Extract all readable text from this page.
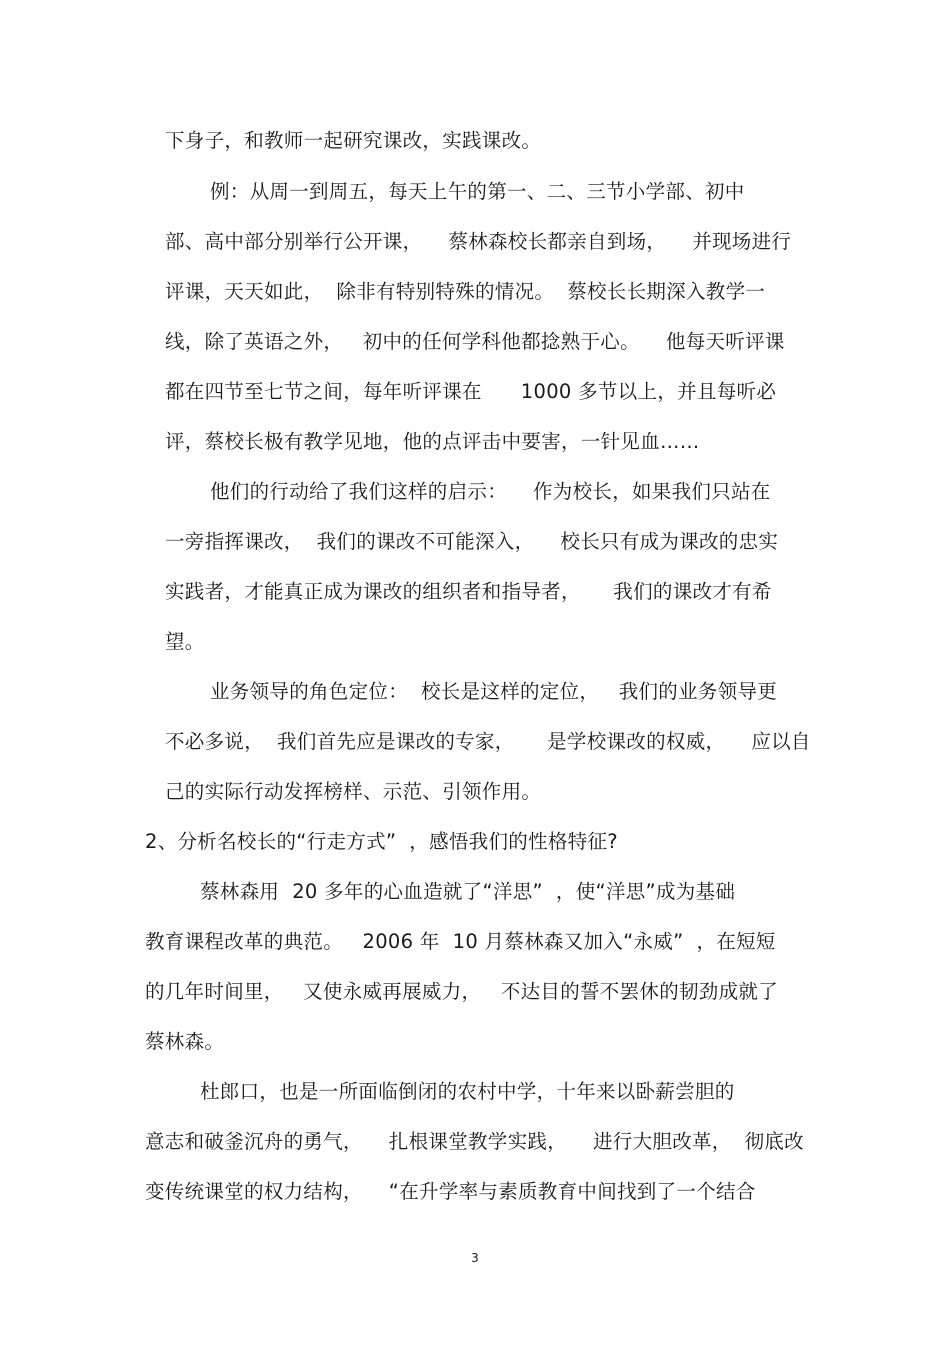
下身子，和教师一起研究课改，实践课改。
例：从周一到周五，每天上午的第一、二、三节小学部、初中
部、高中部分别举行公开课，    蔡林森校长都亲自到场，    并现场进行
评课，天天如此，  除非有特别特殊的情况。  蔡校长长期深入教学一
线，除了英语之外，   初中的任何学科他都捻熟于心。    他每天听评课
都在四节至七节之间，每年听评课在      1000 多节以上，并且每听必
评，蔡校长极有教学见地，他的点评击中要害，一针见血……
他们的行动给了我们这样的启示：    作为校长，如果我们只站在
一旁指挥课改，  我们的课改不可能深入，    校长只有成为课改的忠实
实践者，才能真正成为课改的组织者和指导者，     我们的课改才有希
望。
业务领导的角色定位：  校长是这样的定位，   我们的业务领导更
不必多说，  我们首先应是课改的专家，     是学校课改的权威，    应以自
己的实际行动发挥榜样、示范、引领作用。
2、分析名校长的“行走方式”  ，感悟我们的性格特征?
蔡林森用  20 多年的心血造就了“洋思”  ，使“洋思”成为基础
教育课程改革的典范。   2006 年  10 月蔡林森又加入“永威”  ，在短短
的几年时间里，   又使永威再展威力，   不达目的誓不罢休的韧劲成就了
蔡林森。
杜郎口，也是一所面临倒闭的农村中学，十年来以卧薪尝胆的
意志和破釜沉舟的勇气，    扎根课堂教学实践，    进行大胆改革，  彻底改
变传统课堂的权力结构，    “在升学率与素质教育中间找到了一个结合
3
